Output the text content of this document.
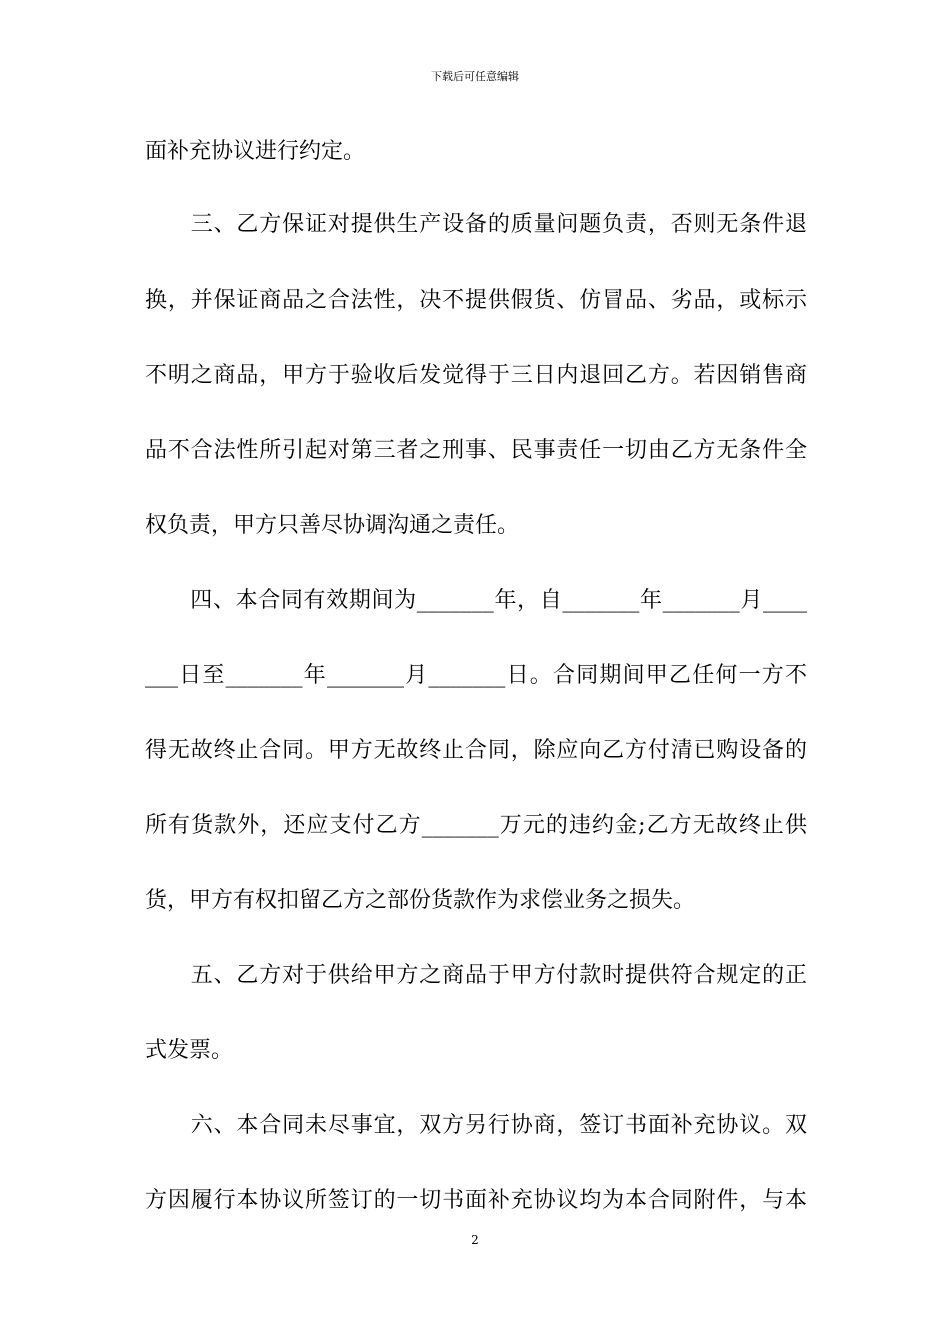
下载后可任意编辑
面补充协议进行约定。
　　三、乙方保证对提供生产设备的质量问题负责，否则无条件退
换，并保证商品之合法性，决不提供假货、仿冒品、劣品，或标示
不明之商品，甲方于验收后发觉得于三日内退回乙方。若因销售商
品不合法性所引起对第三者之刑事、民事责任一切由乙方无条件全
权负责，甲方只善尽协调沟通之责任。
　　四、本合同有效期间为_______年，自_______年_______月____
___日至_______年_______月_______日。合同期间甲乙任何一方不
得无故终止合同。甲方无故终止合同，除应向乙方付清已购设备的
所有货款外，还应支付乙方_______万元的违约金;乙方无故终止供
货，甲方有权扣留乙方之部份货款作为求偿业务之损失。
　　五、乙方对于供给甲方之商品于甲方付款时提供符合规定的正
式发票。
　　六、本合同未尽事宜，双方另行协商，签订书面补充协议。双
方因履行本协议所签订的一切书面补充协议均为本合同附件，与本
2
